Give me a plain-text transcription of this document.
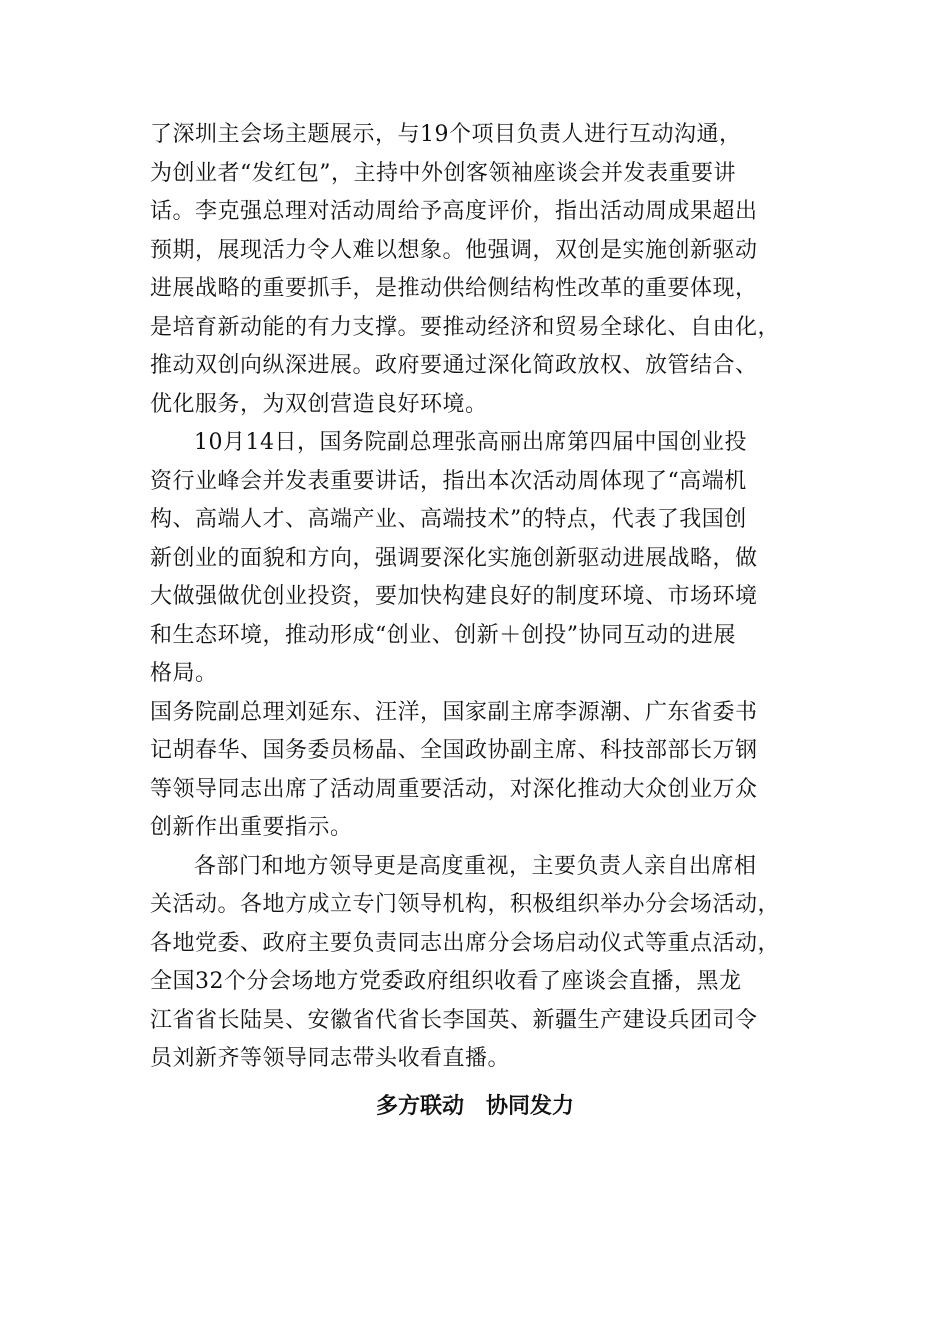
了深圳主会场主题展示，与19个项目负责人进行互动沟通，
为创业者“发红包”，主持中外创客领袖座谈会并发表重要讲
话。李克强总理对活动周给予高度评价，指出活动周成果超出
预期，展现活力令人难以想象。他强调，双创是实施创新驱动
进展战略的重要抓手，是推动供给侧结构性改革的重要体现，
是培育新动能的有力支撑。要推动经济和贸易全球化、自由化，
推动双创向纵深进展。政府要通过深化简政放权、放管结合、
优化服务，为双创营造良好环境。
10月14日，国务院副总理张高丽出席第四届中国创业投
资行业峰会并发表重要讲话，指出本次活动周体现了“高端机
构、高端人才、高端产业、高端技术”的特点，代表了我国创
新创业的面貌和方向，强调要深化实施创新驱动进展战略，做
大做强做优创业投资，要加快构建良好的制度环境、市场环境
和生态环境，推动形成“创业、创新＋创投”协同互动的进展
格局。
国务院副总理刘延东、汪洋，国家副主席李源潮、广东省委书
记胡春华、国务委员杨晶、全国政协副主席、科技部部长万钢
等领导同志出席了活动周重要活动，对深化推动大众创业万众
创新作出重要指示。
各部门和地方领导更是高度重视，主要负责人亲自出席相
关活动。各地方成立专门领导机构，积极组织举办分会场活动，
各地党委、政府主要负责同志出席分会场启动仪式等重点活动，
全国32个分会场地方党委政府组织收看了座谈会直播，黑龙
江省省长陆昊、安徽省代省长李国英、新疆生产建设兵团司令
员刘新齐等领导同志带头收看直播。
多方联动　协同发力
